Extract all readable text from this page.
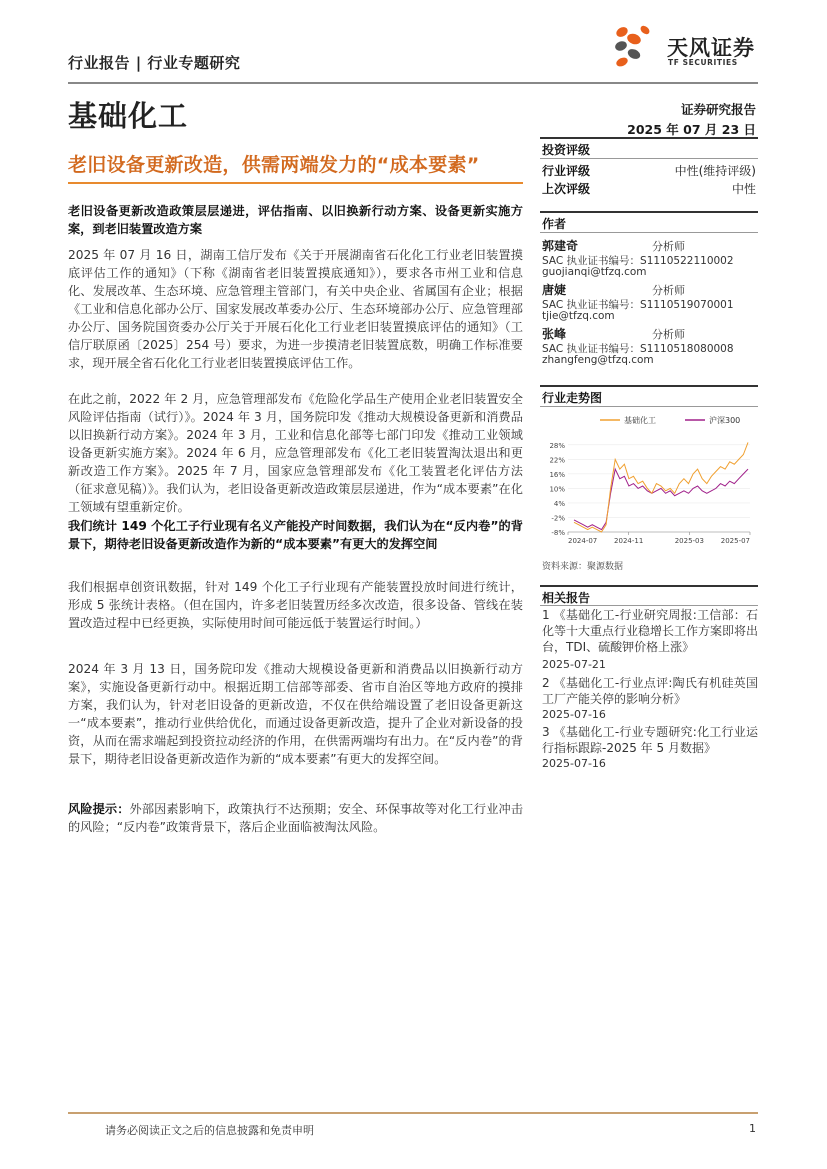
行业报告 | 行业专题研究
天风证券
TF SECURITIES
基础化工	证券研究报告
2025 年 07 月 23 日
老旧设备更新改造，供需两端发力的“成本要素”
老旧设备更新改造政策层层递进，评估指南、以旧换新行动方案、设备更新实施方案，到老旧装置改造方案
2025 年 07 月 16 日，湖南工信厅发布《关于开展湖南省石化化工行业老旧装置摸底评估工作的通知》（下称《湖南省老旧装置摸底通知》），要求各市州工业和信息化、发展改革、生态环境、应急管理主管部门，有关中央企业、省属国有企业；根据《工业和信息化部办公厅、国家发展改革委办公厅、生态环境部办公厅、应急管理部办公厅、国务院国资委办公厅关于开展石化化工行业老旧装置摸底评估的通知》（工信厅联原函〔2025〕254 号）要求，为进一步摸清老旧装置底数，明确工作标准要求，现开展全省石化化工行业老旧装置摸底评估工作。
在此之前，2022 年 2 月，应急管理部发布《危险化学品生产使用企业老旧装置安全风险评估指南（试行）》。2024 年 3 月，国务院印发《推动大规模设备更新和消费品以旧换新行动方案》。2024 年 3 月，工业和信息化部等七部门印发《推动工业领域设备更新实施方案》。2024 年 6 月，应急管理部发布《化工老旧装置淘汰退出和更新改造工作方案》。2025 年 7 月，国家应急管理部发布《化工装置老化评估方法（征求意见稿）》。我们认为，老旧设备更新改造政策层层递进，作为“成本要素”在化工领域有望重新定价。
我们统计 149 个化工子行业现有名义产能投产时间数据，我们认为在“反内卷”的背景下，期待老旧设备更新改造作为新的“成本要素”有更大的发挥空间
我们根据卓创资讯数据，针对 149 个化工子行业现有产能装置投放时间进行统计，形成 5 张统计表格。（但在国内，许多老旧装置历经多次改造，很多设备、管线在装置改造过程中已经更换，实际使用时间可能远低于装置运行时间。）
2024 年 3 月 13 日，国务院印发《推动大规模设备更新和消费品以旧换新行动方案》，实施设备更新行动中。根据近期工信部等部委、省市自治区等地方政府的摸排方案，我们认为，针对老旧设备的更新改造，不仅在供给端设置了老旧设备更新这一“成本要素”，推动行业供给优化，而通过设备更新改造，提升了企业对新设备的投资，从而在需求端起到投资拉动经济的作用，在供需两端均有出力。在“反内卷”的背景下，期待老旧设备更新改造作为新的“成本要素”有更大的发挥空间。
风险提示：外部因素影响下，政策执行不达预期；安全、环保事故等对化工行业冲击的风险；“反内卷”政策背景下，落后企业面临被淘汰风险。
投资评级
行业评级	中性(维持评级)
上次评级	中性
作者
郭建奇	分析师
SAC 执业证书编号：S1110522110002
guojianqi@tfzq.com
唐婕	分析师
SAC 执业证书编号：S1110519070001
tjie@tfzq.com
张峰	分析师
SAC 执业证书编号：S1110518080008
zhangfeng@tfzq.com
行业走势图
基础化工	沪深300
28%
22%
16%
10%
4%
-2%
-8%
2024-07 2024-11	2025-03 2025-07
资料来源：聚源数据
相关报告
1 《基础化工-行业研究周报:工信部：石化等十大重点行业稳增长工作方案即将出台，TDI、硫酸钾价格上涨》
2025-07-21
2 《基础化工-行业点评:陶氏有机硅英国工厂产能关停的影响分析》
2025-07-16
3 《基础化工-行业专题研究:化工行业运行指标跟踪-2025 年 5 月数据》
2025-07-16
请务必阅读正文之后的信息披露和免责申明	1
